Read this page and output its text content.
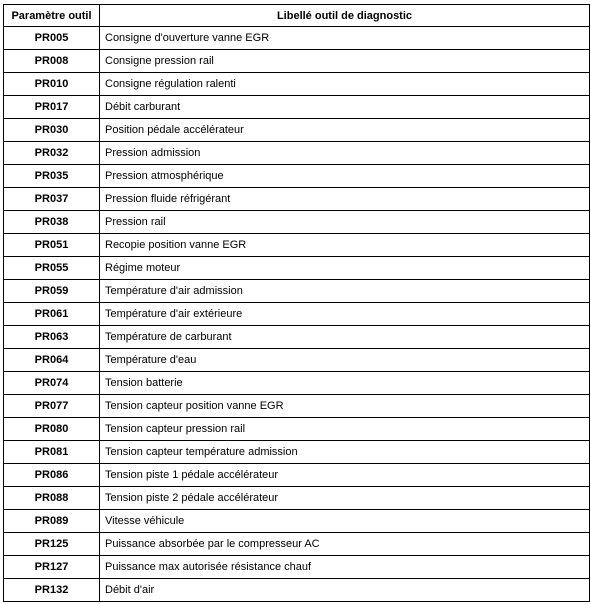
Paramètre outil	Libellé outil de diagnostic
PR005	Consigne d'ouverture vanne EGR
PR008	Consigne pression rail
PR010	Consigne régulation ralenti
PR017	Débit carburant
PR030	Position pédale accélérateur
PR032	Pression admission
PR035	Pression atmosphérique
PR037	Pression fluide réfrigérant
PR038	Pression rail
PR051	Recopie position vanne EGR
PR055	Régime moteur
PR059	Température d'air admission
PR061	Température d'air extérieure
PR063	Température de carburant
PR064	Température d'eau
PR074	Tension batterie
PR077	Tension capteur position vanne EGR
PR080	Tension capteur pression rail
PR081	Tension capteur température admission
PR086	Tension piste 1 pédale accélérateur
PR088	Tension piste 2 pédale accélérateur
PR089	Vitesse véhicule
PR125	Puissance absorbée par le compresseur AC
PR127	Puissance max autorisée résistance chauf
PR132	Débit d'air
